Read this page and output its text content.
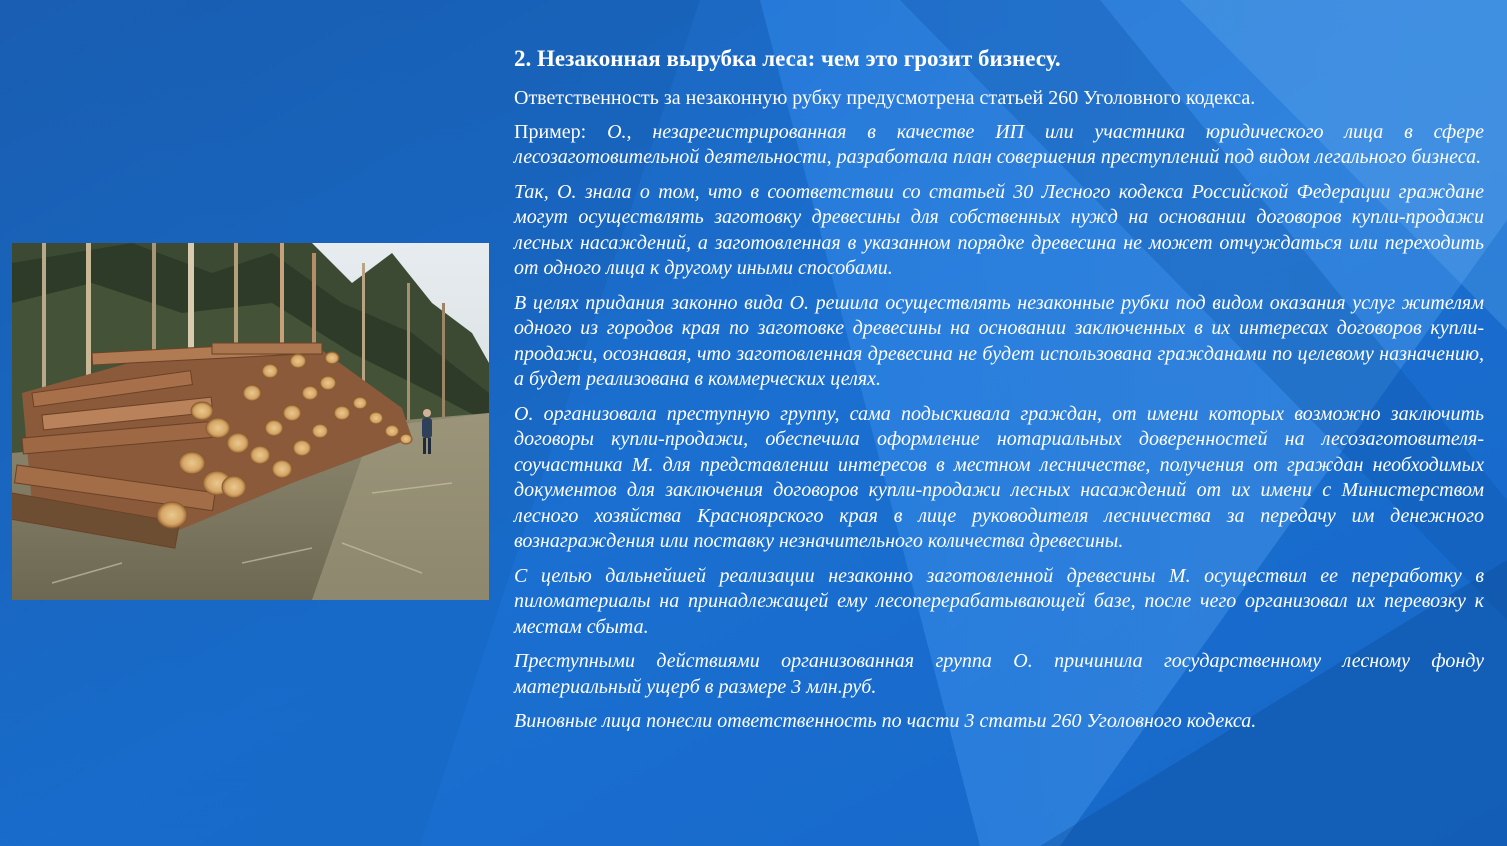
2. Незаконная вырубка леса: чем это грозит бизнесу.

Ответственность за незаконную рубку предусмотрена статьей 260 Уголовного кодекса.

Пример: О., незарегистрированная в качестве ИП или участника юридического лица в сфере лесозаготовительной деятельности, разработала план совершения преступлений под видом легального бизнеса.

Так, О. знала о том, что в соответствии со статьей 30 Лесного кодекса Российской Федерации граждане могут осуществлять заготовку древесины для собственных нужд на основании договоров купли-продажи лесных насаждений, а заготовленная в указанном порядке древесина не может отчуждаться или переходить от одного лица к другому иными способами.

В целях придания законно вида О. решила осуществлять незаконные рубки под видом оказания услуг жителям одного из городов края по заготовке древесины на основании заключенных в их интересах договоров купли-продажи, осознавая, что заготовленная древесина не будет использована гражданами по целевому назначению, а будет реализована в коммерческих целях.

О. организовала преступную группу, сама подыскивала граждан, от имени которых возможно заключить договоры купли-продажи, обеспечила оформление нотариальных доверенностей на лесозаготовителя-соучастника М. для представлении интересов в местном лесничестве, получения от граждан необходимых документов для заключения договоров купли-продажи лесных насаждений от их имени с Министерством лесного хозяйства Красноярского края в лице руководителя лесничества за передачу им денежного вознаграждения или поставку незначительного количества древесины.

С целью дальнейшей реализации незаконно заготовленной древесины М. осуществил ее переработку в пиломатериалы на принадлежащей ему лесоперерабатывающей базе, после чего организовал их перевозку к местам сбыта.

Преступными действиями организованная группа О. причинила государственному лесному фонду материальный ущерб в размере 3 млн.руб.

Виновные лица понесли ответственность по части 3 статьи 260 Уголовного кодекса.
